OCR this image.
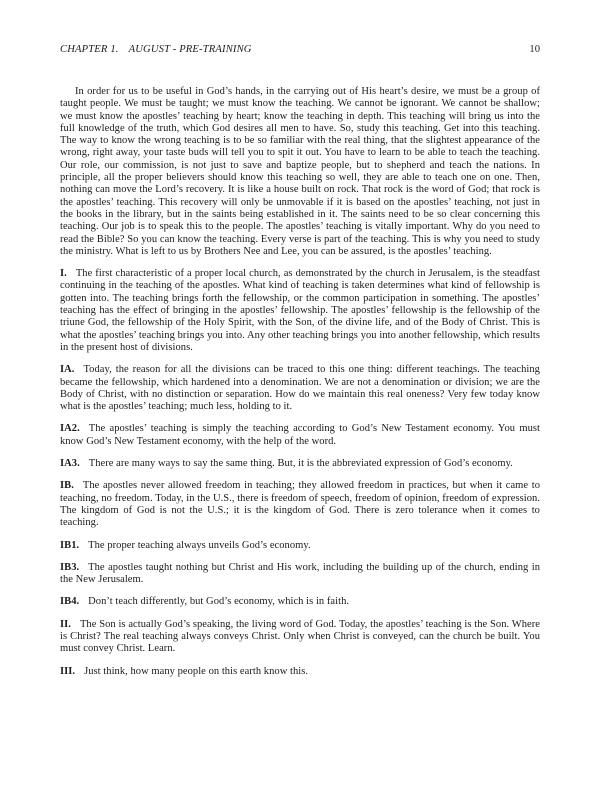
CHAPTER 1. AUGUST - PRE-TRAINING	10

In order for us to be useful in God’s hands, in the carrying out of His heart’s desire, we must be a group of taught people. We must be taught; we must know the teaching. We cannot be ignorant. We cannot be shallow; we must know the apostles’ teaching by heart; know the teaching in depth. This teaching will bring us into the full knowledge of the truth, which God desires all men to have. So, study this teaching. Get into this teaching. The way to know the wrong teaching is to be so familiar with the real thing, that the slightest appearance of the wrong, right away, your taste buds will tell you to spit it out. You have to learn to be able to teach the teaching. Our role, our commission, is not just to save and baptize people, but to shepherd and teach the nations. In principle, all the proper believers should know this teaching so well, they are able to teach one on one. Then, nothing can move the Lord’s recovery. It is like a house built on rock. That rock is the word of God; that rock is the apostles’ teaching. This recovery will only be unmovable if it is based on the apostles’ teaching, not just in the books in the library, but in the saints being established in it. The saints need to be so clear concerning this teaching. Our job is to speak this to the people. The apostles’ teaching is vitally important. Why do you need to read the Bible? So you can know the teaching. Every verse is part of the teaching. This is why you need to study the ministry. What is left to us by Brothers Nee and Lee, you can be assured, is the apostles’ teaching.

I. The first characteristic of a proper local church, as demonstrated by the church in Jerusalem, is the steadfast continuing in the teaching of the apostles. What kind of teaching is taken determines what kind of fellowship is gotten into. The teaching brings forth the fellowship, or the common participation in something. The apostles’ teaching has the effect of bringing in the apostles’ fellowship. The apostles’ fellowship is the fellowship of the triune God, the fellowship of the Holy Spirit, with the Son, of the divine life, and of the Body of Christ. This is what the apostles’ teaching brings you into. Any other teaching brings you into another fellowship, which results in the present host of divisions.

IA. Today, the reason for all the divisions can be traced to this one thing: different teachings. The teaching became the fellowship, which hardened into a denomination. We are not a denomination or division; we are the Body of Christ, with no distinction or separation. How do we maintain this real oneness? Very few today know what is the apostles’ teaching; much less, holding to it.

IA2. The apostles’ teaching is simply the teaching according to God’s New Testament economy. You must know God’s New Testament economy, with the help of the word.

IA3. There are many ways to say the same thing. But, it is the abbreviated expression of God’s economy.

IB. The apostles never allowed freedom in teaching; they allowed freedom in practices, but when it came to teaching, no freedom. Today, in the U.S., there is freedom of speech, freedom of opinion, freedom of expression. The kingdom of God is not the U.S.; it is the kingdom of God. There is zero tolerance when it comes to teaching.

IB1. The proper teaching always unveils God’s economy.

IB3. The apostles taught nothing but Christ and His work, including the building up of the church, ending in the New Jerusalem.

IB4. Don’t teach differently, but God’s economy, which is in faith.

II. The Son is actually God’s speaking, the living word of God. Today, the apostles’ teaching is the Son. Where is Christ? The real teaching always conveys Christ. Only when Christ is conveyed, can the church be built. You must convey Christ. Learn.

III. Just think, how many people on this earth know this.
